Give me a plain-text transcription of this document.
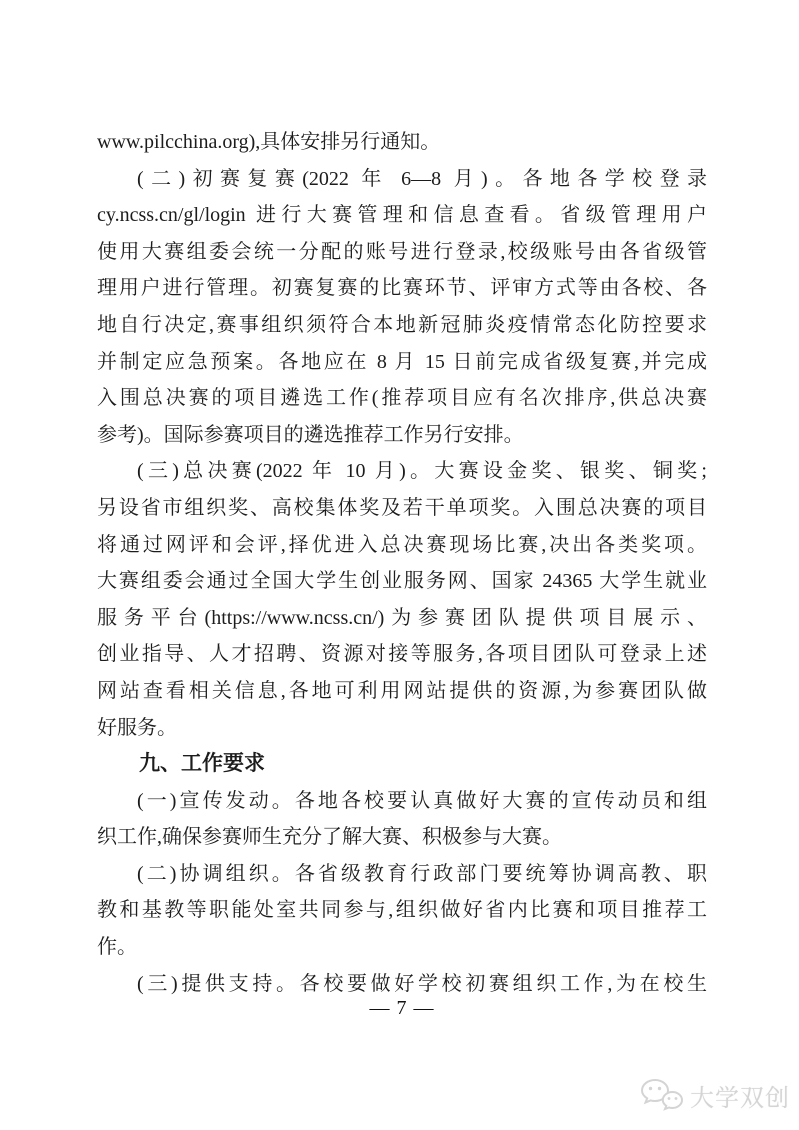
www.pilcchina.org),具体安排另行通知。
(二)初赛复赛(2022 年 6—8 月)。各地各学校登录
cy.ncss.cn/gl/login 进行大赛管理和信息查看。省级管理用户
使用大赛组委会统一分配的账号进行登录,校级账号由各省级管
理用户进行管理。初赛复赛的比赛环节、评审方式等由各校、各
地自行决定,赛事组织须符合本地新冠肺炎疫情常态化防控要求
并制定应急预案。各地应在 8 月 15 日前完成省级复赛,并完成
入围总决赛的项目遴选工作(推荐项目应有名次排序,供总决赛
参考)。国际参赛项目的遴选推荐工作另行安排。
(三)总决赛(2022 年 10 月)。大赛设金奖、银奖、铜奖;
另设省市组织奖、高校集体奖及若干单项奖。入围总决赛的项目
将通过网评和会评,择优进入总决赛现场比赛,决出各类奖项。
大赛组委会通过全国大学生创业服务网、国家 24365 大学生就业
服务平台(https://www.ncss.cn/)为参赛团队提供项目展示、
创业指导、人才招聘、资源对接等服务,各项目团队可登录上述
网站查看相关信息,各地可利用网站提供的资源,为参赛团队做
好服务。
九、工作要求
(一)宣传发动。各地各校要认真做好大赛的宣传动员和组
织工作,确保参赛师生充分了解大赛、积极参与大赛。
(二)协调组织。各省级教育行政部门要统筹协调高教、职
教和基教等职能处室共同参与,组织做好省内比赛和项目推荐工
作。
(三)提供支持。各校要做好学校初赛组织工作,为在校生
— 7 —
大学双创
